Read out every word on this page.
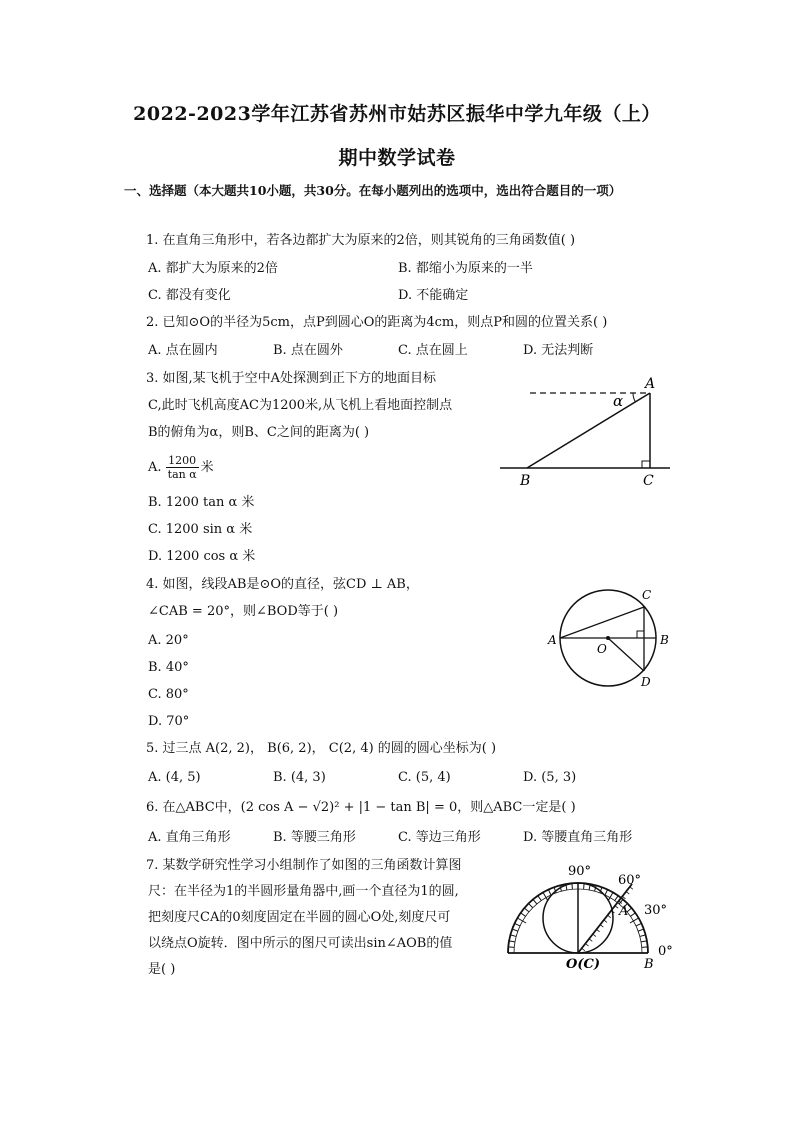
2022-2023学年江苏省苏州市姑苏区振华中学九年级（上）
期中数学试卷
一、选择题（本大题共10小题，共30分。在每小题列出的选项中，选出符合题目的一项）
1. 在直角三角形中，若各边都扩大为原来的2倍，则其锐角的三角函数值( )
A. 都扩大为原来的2倍	B. 都缩小为原来的一半
C. 都没有变化	D. 不能确定
2. 已知⊙O的半径为5cm，点P到圆心O的距离为4cm，则点P和圆的位置关系( )
A. 点在圆内	B. 点在圆外	C. 点在圆上	D. 无法判断
3. 如图,某飞机于空中A处探测到正下方的地面目标
C,此时飞机高度AC为1200米,从飞机上看地面控制点
B的俯角为α，则B、C之间的距离为( )
A. $\frac{1200}{\text{tan α}}$ 米
B. 1200 tan α 米
C. 1200 sin α 米
D. 1200 cos α 米
A
B	C
α
4. 如图，线段AB是⊙O的直径，弦CD ⊥ AB，
∠CAB = 20°，则∠BOD等于( )
A. 20°
B. 40°
C. 80°
D. 70°
A	B
C
D
O
5. 过三点 A(2, 2)， B(6, 2)， C(2, 4) 的圆的圆心坐标为( )
A. (4, 5)	B. (4, 3)	C. (5, 4)	D. (5, 3)
6. 在△ABC中，(2 cos A − √2)² + |1 − tan B| = 0，则△ABC一定是( )
A. 直角三角形	B. 等腰三角形	C. 等边三角形	D. 等腰直角三角形
7. 某数学研究性学习小组制作了如图的三角函数计算图
尺：在半径为1的半圆形量角器中,画一个直径为1的圆,
把刻度尺CA的0刻度固定在半圆的圆心O处,刻度尺可
以绕点O旋转．图中所示的图尺可读出sin∠AOB的值
是( )
90°
60°
30°
0°
A
B
O(C)
